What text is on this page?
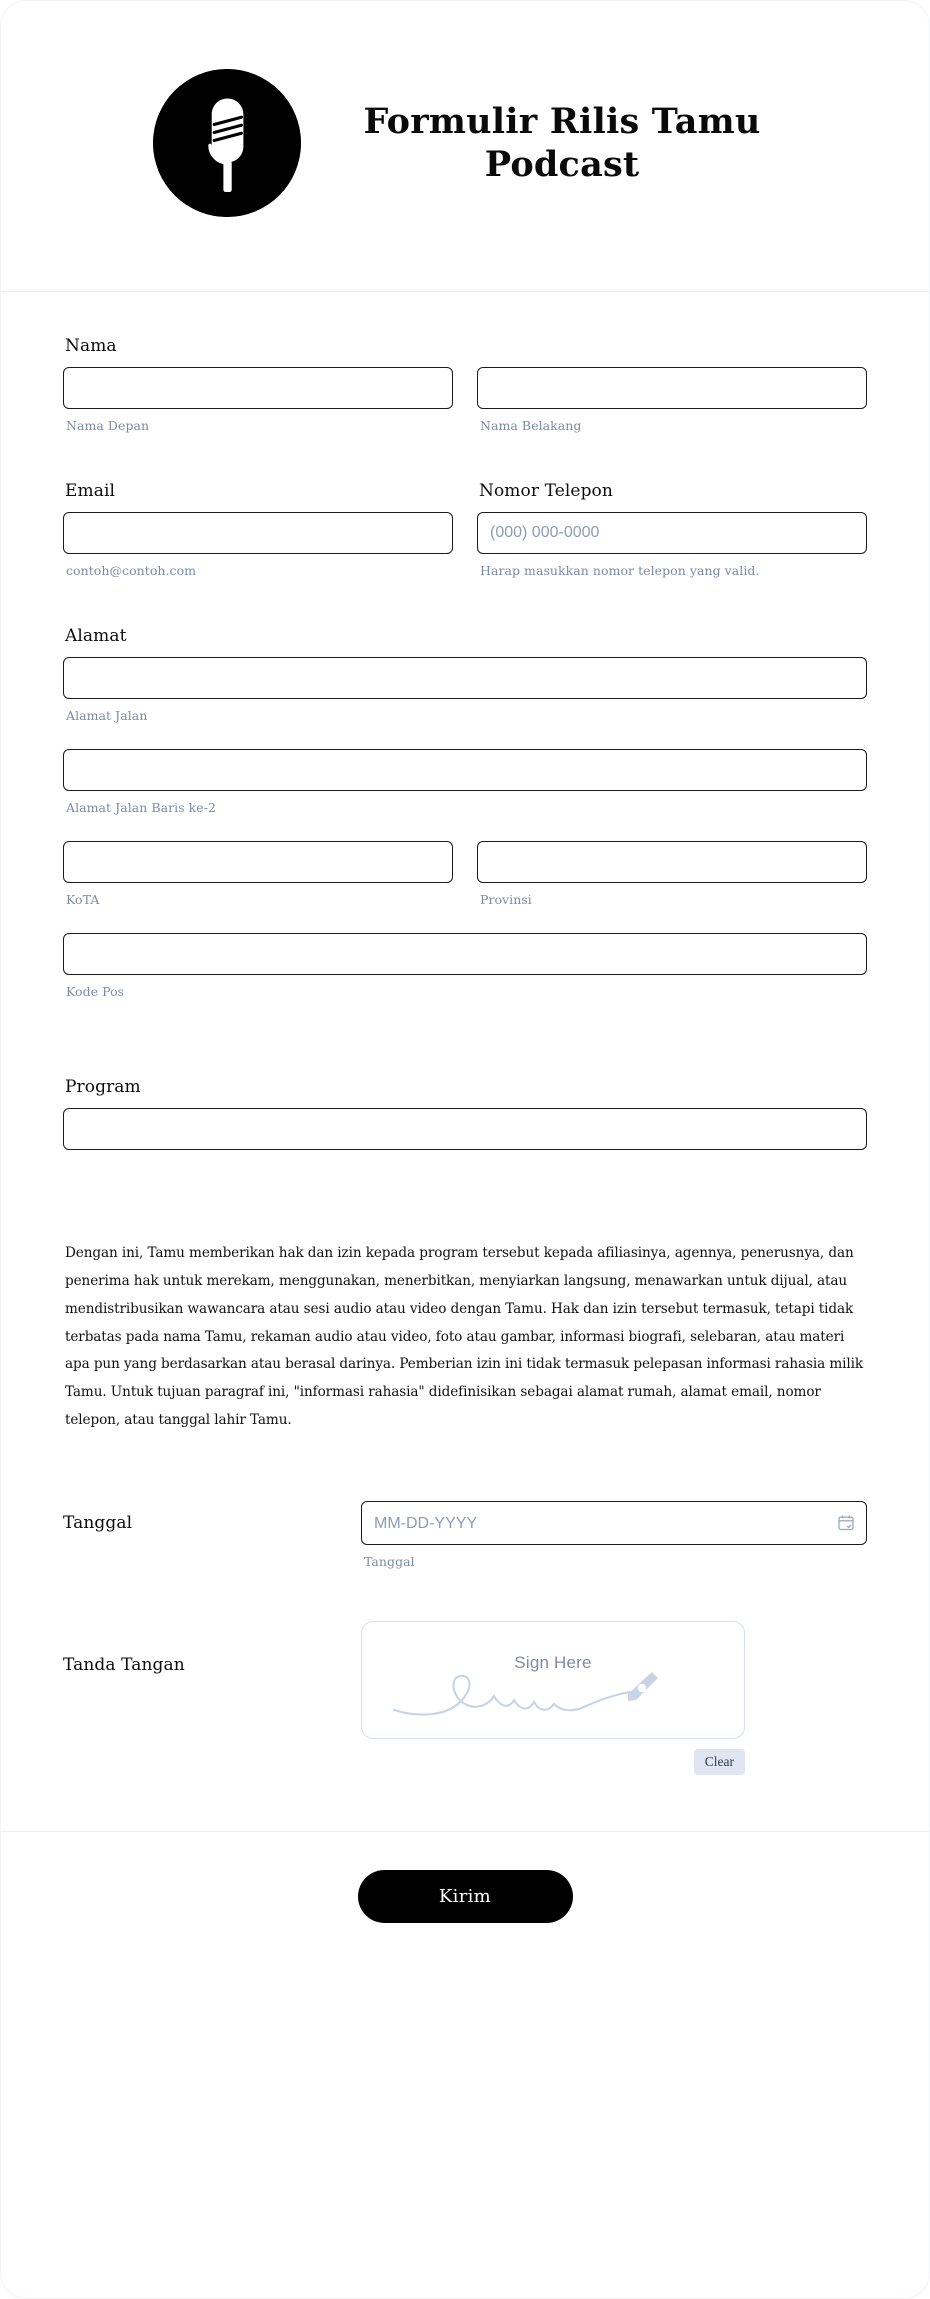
Formulir Rilis Tamu Podcast
Nama
Nama Depan	Nama Belakang
Email
contoh@contoh.com
Nomor Telepon
(000) 000-0000
Harap masukkan nomor telepon yang valid.
Alamat
Alamat Jalan
Alamat Jalan Baris ke-2
KoTA	Provinsi
Kode Pos
Program

Dengan ini, Tamu memberikan hak dan izin kepada program tersebut kepada afiliasinya, agennya, penerusnya, dan penerima hak untuk merekam, menggunakan, menerbitkan, menyiarkan langsung, menawarkan untuk dijual, atau mendistribusikan wawancara atau sesi audio atau video dengan Tamu. Hak dan izin tersebut termasuk, tetapi tidak terbatas pada nama Tamu, rekaman audio atau video, foto atau gambar, informasi biografi, selebaran, atau materi apa pun yang berdasarkan atau berasal darinya. Pemberian izin ini tidak termasuk pelepasan informasi rahasia milik Tamu. Untuk tujuan paragraf ini, "informasi rahasia" didefinisikan sebagai alamat rumah, alamat email, nomor telepon, atau tanggal lahir Tamu.

Tanggal
MM-DD-YYYY
Tanggal
Tanda Tangan	Sign Here
Clear
Kirim
